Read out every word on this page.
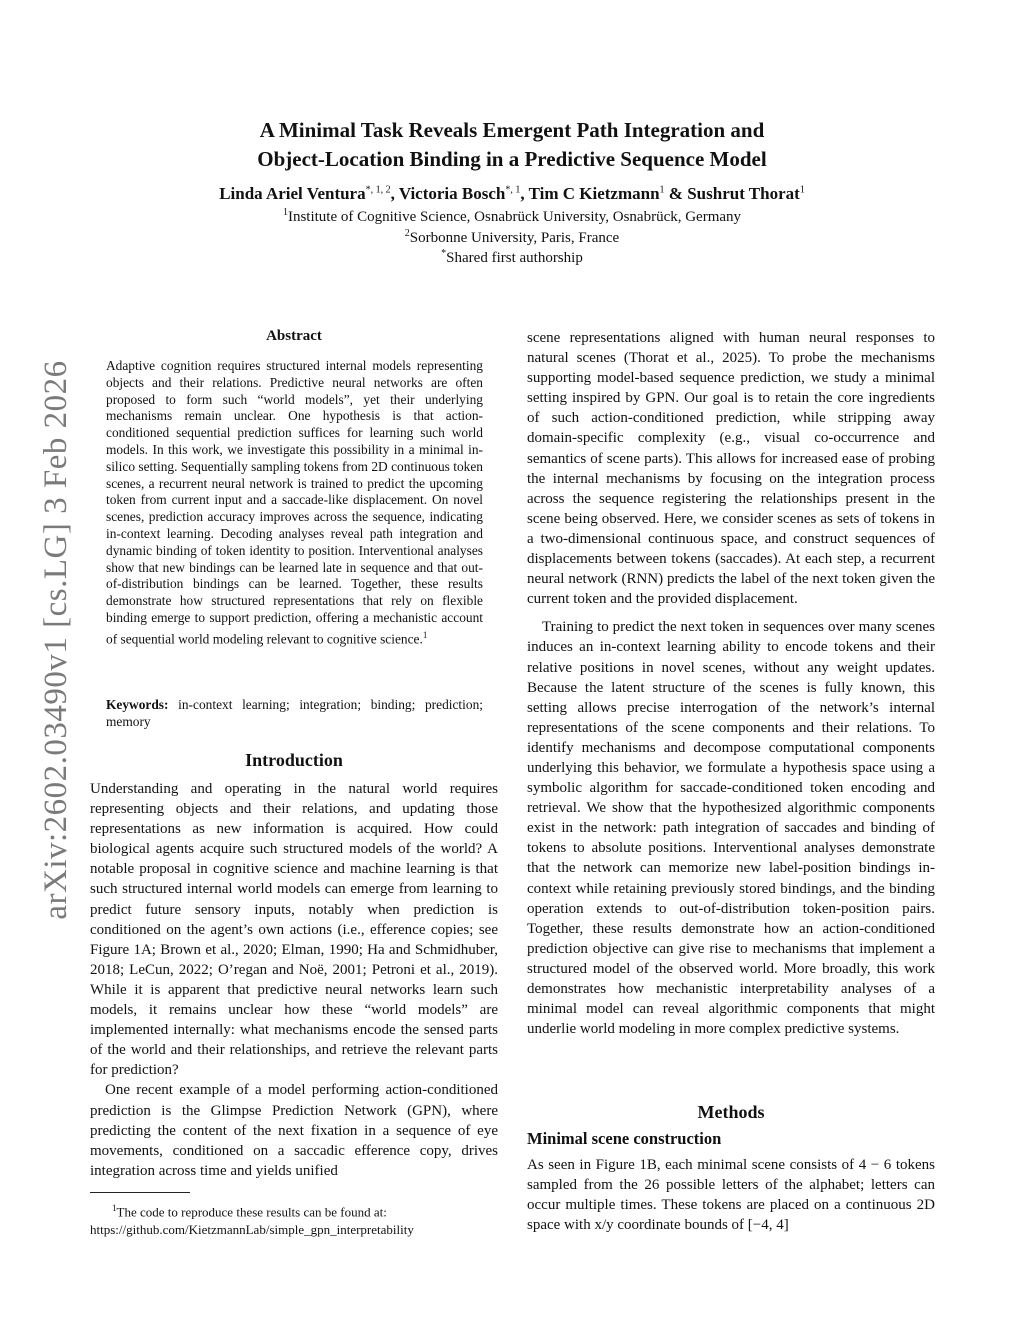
arXiv:2602.03490v1 [cs.LG] 3 Feb 2026
A Minimal Task Reveals Emergent Path Integration and
Object-Location Binding in a Predictive Sequence Model
Linda Ariel Ventura$^{*, 1, 2}$, Victoria Bosch$^{*, 1}$, Tim C Kietzmann$^1$ & Sushrut Thorat$^1$
$^1$Institute of Cognitive Science, Osnabrück University, Osnabrück, Germany
$^2$Sorbonne University, Paris, France
*Shared first authorship
Abstract
Adaptive cognition requires structured internal models representing objects and their relations. Predictive neural networks are often proposed to form such “world models”, yet their underlying mechanisms remain unclear. One hypothesis is that action-conditioned sequential prediction suffices for learning such world models. In this work, we investigate this possibility in a minimal in-silico setting. Sequentially sampling tokens from 2D continuous token scenes, a recurrent neural network is trained to predict the upcoming token from current input and a saccade-like displacement. On novel scenes, prediction accuracy improves across the sequence, indicating in-context learning. Decoding analyses reveal path integration and dynamic binding of token identity to position. Interventional analyses show that new bindings can be learned late in sequence and that out-of-distribution bindings can be learned. Together, these results demonstrate how structured representations that rely on flexible binding emerge to support prediction, offering a mechanistic account of sequential world modeling relevant to cognitive science.$^1$
Keywords: in-context learning; integration; binding; prediction; memory
Introduction

Understanding and operating in the natural world requires representing objects and their relations, and updating those representations as new information is acquired. How could biological agents acquire such structured models of the world? A notable proposal in cognitive science and machine learning is that such structured internal world models can emerge from learning to predict future sensory inputs, notably when prediction is conditioned on the agent’s own actions (i.e., efference copies; see Figure 1A; Brown et al., 2020; Elman, 1990; Ha and Schmidhuber, 2018; LeCun, 2022; O’regan and Noë, 2001; Petroni et al., 2019). While it is apparent that predictive neural networks learn such models, it remains unclear how these “world models” are implemented internally: what mechanisms encode the sensed parts of the world and their relationships, and retrieve the relevant parts for prediction?

One recent example of a model performing action-conditioned prediction is the Glimpse Prediction Network (GPN), where predicting the content of the next fixation in a sequence of eye movements, conditioned on a saccadic efference copy, drives integration across time and yields unified

scene representations aligned with human neural responses to natural scenes (Thorat et al., 2025). To probe the mechanisms supporting model-based sequence prediction, we study a minimal setting inspired by GPN. Our goal is to retain the core ingredients of such action-conditioned prediction, while stripping away domain-specific complexity (e.g., visual co-occurrence and semantics of scene parts). This allows for increased ease of probing the internal mechanisms by focusing on the integration process across the sequence registering the relationships present in the scene being observed. Here, we consider scenes as sets of tokens in a two-dimensional continuous space, and construct sequences of displacements between tokens (saccades). At each step, a recurrent neural network (RNN) predicts the label of the next token given the current token and the provided displacement.

Training to predict the next token in sequences over many scenes induces an in-context learning ability to encode tokens and their relative positions in novel scenes, without any weight updates. Because the latent structure of the scenes is fully known, this setting allows precise interrogation of the network’s internal representations of the scene components and their relations. To identify mechanisms and decompose computational components underlying this behavior, we formulate a hypothesis space using a symbolic algorithm for saccade-conditioned token encoding and retrieval. We show that the hypothesized algorithmic components exist in the network: path integration of saccades and binding of tokens to absolute positions. Interventional analyses demonstrate that the network can memorize new label-position bindings in-context while retaining previously stored bindings, and the binding operation extends to out-of-distribution token-position pairs. Together, these results demonstrate how an action-conditioned prediction objective can give rise to mechanisms that implement a structured model of the observed world. More broadly, this work demonstrates how mechanistic interpretability analyses of a minimal model can reveal algorithmic components that might underlie world modeling in more complex predictive systems.

Methods
Minimal scene construction

As seen in Figure 1B, each minimal scene consists of 4 − 6 tokens sampled from the 26 possible letters of the alphabet; letters can occur multiple times. These tokens are placed on a continuous 2D space with x/y coordinate bounds of [−4, 4]

$^1$The code to reproduce these results can be found at:
https://github.com/KietzmannLab/simple_gpn_interpretability
